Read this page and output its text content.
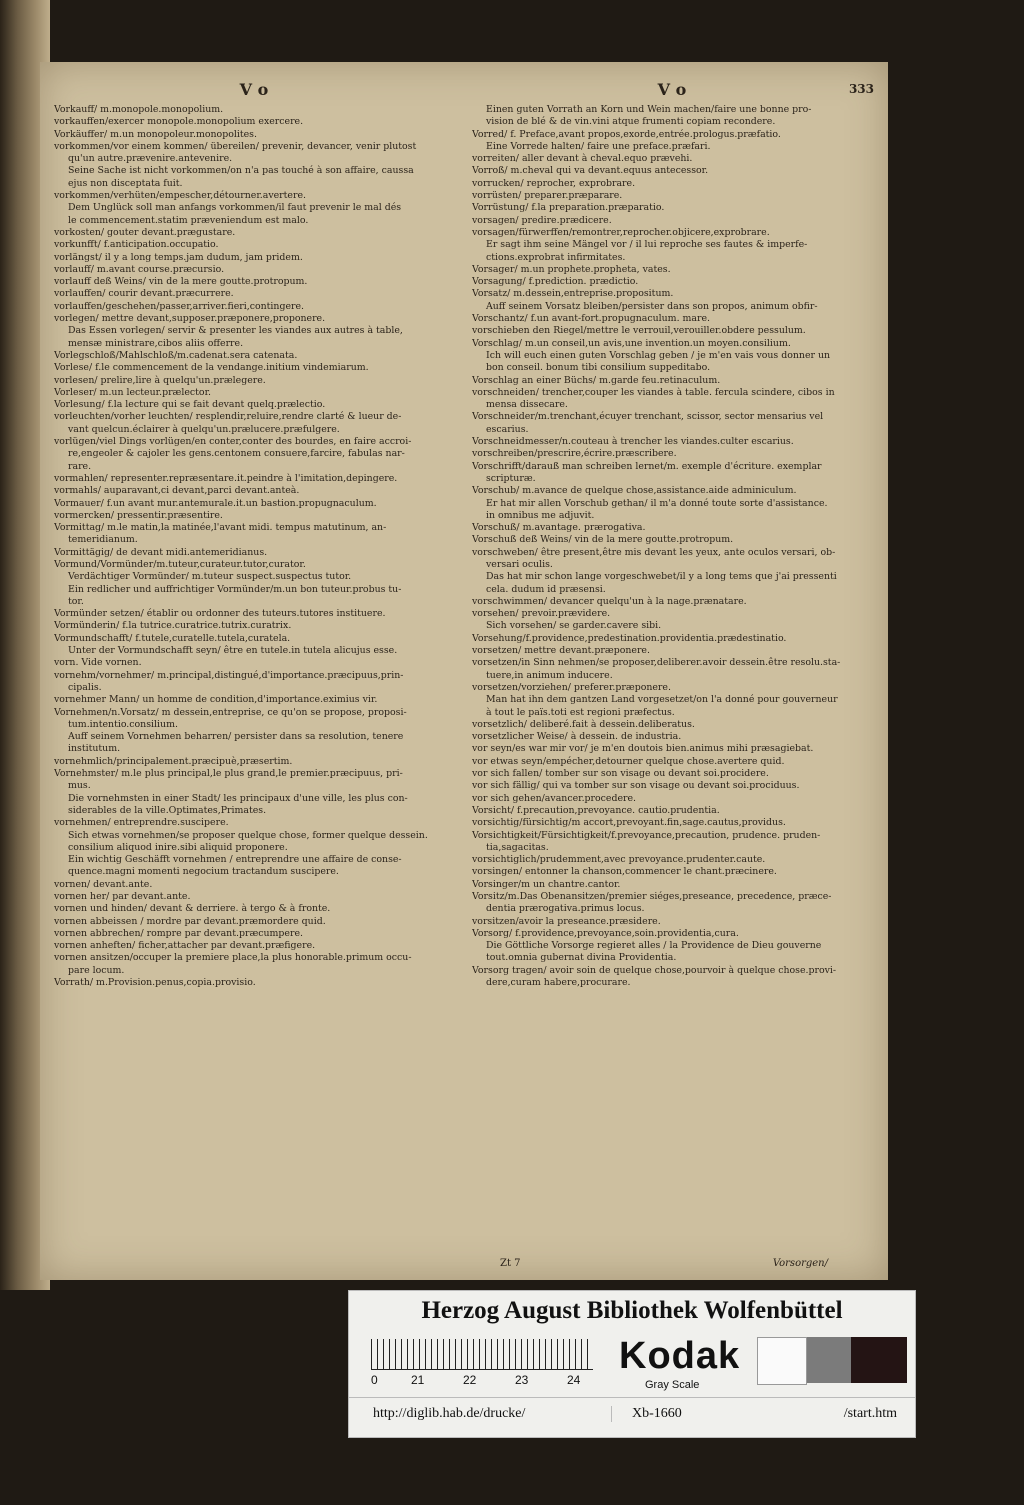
333
V o
Vorkauff/ m.monopole.monopolium.
vorkauffen/exercer monopole.monopolium exercere.
Vorkäuffer/ m.un monopoleur.monopolites.
vorkommen/vor einem kommen/ übereilen/ prevenir, devancer, venir plutost
qu'un autre.prævenire.antevenire.
Seine Sache ist nicht vorkommen/on n'a pas touché à son affaire, caussa
ejus non disceptata fuit.
vorkommen/verhüten/empescher,détourner.avertere.
Dem Unglück soll man anfangs vorkommen/il faut prevenir le mal dés
le commencement.statim præveniendum est malo.
vorkosten/ gouter devant.prægustare.
vorkunfft/ f.anticipation.occupatio.
vorlängst/ il y a long temps.jam dudum, jam pridem.
vorlauff/ m.avant course.præcursio.
vorlauff deß Weins/ vin de la mere goutte.protropum.
vorlauffen/ courir devant.præcurrere.
vorlauffen/geschehen/passer,arriver.fieri,contingere.
vorlegen/ mettre devant,supposer.præponere,proponere.
Das Essen vorlegen/ servir & presenter les viandes aux autres à table,
mensæ ministrare,cibos aliis offerre.
Vorlegschloß/Mahlschloß/m.cadenat.sera catenata.
Vorlese/ f.le commencement de la vendange.initium vindemiarum.
vorlesen/ prelire,lire à quelqu'un.prælegere.
Vorleser/ m.un lecteur.prælector.
Vorlesung/ f.la lecture qui se fait devant quelq.prælectio.
vorleuchten/vorher leuchten/ resplendir,reluire,rendre clarté & lueur de-
vant quelcun.éclairer à quelqu'un.prælucere.præfulgere.
vorlügen/viel Dings vorlügen/en conter,conter des bourdes, en faire accroi-
re,engeoler & cajoler les gens.centonem consuere,farcire, fabulas nar-
rare.
vormahlen/ representer.repræsentare.it.peindre à l'imitation,depingere.
vormahls/ auparavant,ci devant,parci devant.anteà.
Vormauer/ f.un avant mur.antemurale.it.un bastion.propugnaculum.
vormercken/ pressentir.præsentire.
Vormittag/ m.le matin,la matinée,l'avant midi. tempus matutinum, an-
temeridianum.
Vormittägig/ de devant midi.antemeridianus.
Vormund/Vormünder/m.tuteur,curateur.tutor,curator.
Verdächtiger Vormünder/ m.tuteur suspect.suspectus tutor.
Ein redlicher und auffrichtiger Vormünder/m.un bon tuteur.probus tu-
tor.
Vormünder setzen/ établir ou ordonner des tuteurs.tutores instituere.
Vormünderin/ f.la tutrice.curatrice.tutrix.curatrix.
Vormundschafft/ f.tutele,curatelle.tutela,curatela.
Unter der Vormundschafft seyn/ être en tutele.in tutela alicujus esse.
vorn. Vide vornen.
vornehm/vornehmer/ m.principal,distingué,d'importance.præcipuus,prin-
cipalis.
vornehmer Mann/ un homme de condition,d'importance.eximius vir.
Vornehmen/n.Vorsatz/ m dessein,entreprise, ce qu'on se propose, proposi-
tum.intentio.consilium.
Auff seinem Vornehmen beharren/ persister dans sa resolution, tenere
institutum.
vornehmlich/principalement.præcipuè,præsertim.
Vornehmster/ m.le plus principal,le plus grand,le premier.præcipuus, pri-
mus.
Die vornehmsten in einer Stadt/ les principaux d'une ville, les plus con-
siderables de la ville.Optimates,Primates.
vornehmen/ entreprendre.suscipere.
Sich etwas vornehmen/se proposer quelque chose, former quelque dessein.
consilium aliquod inire.sibi aliquid proponere.
Ein wichtig Geschäfft vornehmen / entreprendre une affaire de conse-
quence.magni momenti negocium tractandum suscipere.
vornen/ devant.ante.
vornen her/ par devant.ante.
vornen und hinden/ devant & derriere. à tergo & à fronte.
vornen abbeissen / mordre par devant.præmordere quid.
vornen abbrechen/ rompre par devant.præcumpere.
vornen anheften/ ficher,attacher par devant.præfigere.
vornen ansitzen/occuper la premiere place,la plus honorable.primum occu-
pare locum.
Vorrath/ m.Provision.penus,copia.provisio.
V o
Einen guten Vorrath an Korn und Wein machen/faire une bonne pro-
vision de blé & de vin.vini atque frumenti copiam recondere.
Vorred/ f. Preface,avant propos,exorde,entrée.prologus.præfatio.
Eine Vorrede halten/ faire une preface.præfari.
vorreiten/ aller devant à cheval.equo prævehi.
Vorroß/ m.cheval qui va devant.equus antecessor.
vorrucken/ reprocher, exprobrare.
vorrüsten/ preparer.præparare.
Vorrüstung/ f.la preparation.præparatio.
vorsagen/ predire.prædicere.
vorsagen/fürwerffen/remontrer,reprocher.objicere,exprobrare.
Er sagt ihm seine Mängel vor / il lui reproche ses fautes & imperfe-
ctions.exprobrat infirmitates.
Vorsager/ m.un prophete.propheta, vates.
Vorsagung/ f.prediction. prædictio.
Vorsatz/ m.dessein,entreprise.propositum.
Auff seinem Vorsatz bleiben/persister dans son propos, animum obfir-
Vorschantz/ f.un avant-fort.propugnaculum. mare.
vorschieben den Riegel/mettre le verrouil,verouiller.obdere pessulum.
Vorschlag/ m.un conseil,un avis,une invention.un moyen.consilium.
Ich will euch einen guten Vorschlag geben / je m'en vais vous donner un
bon conseil. bonum tibi consilium suppeditabo.
Vorschlag an einer Büchs/ m.garde feu.retinaculum.
vorschneiden/ trencher,couper les viandes à table. fercula scindere, cibos in
mensa dissecare.
Vorschneider/m.trenchant,écuyer trenchant, scissor, sector mensarius vel
escarius.
Vorschneidmesser/n.couteau à trencher les viandes.culter escarius.
vorschreiben/prescrire,écrire.præscribere.
Vorschrifft/darauß man schreiben lernet/m. exemple d'écriture. exemplar
scripturæ.
Vorschub/ m.avance de quelque chose,assistance.aide adminiculum.
Er hat mir allen Vorschub gethan/ il m'a donné toute sorte d'assistance.
in omnibus me adjuvit.
Vorschuß/ m.avantage. prærogativa.
Vorschuß deß Weins/ vin de la mere goutte.protropum.
vorschweben/ être present,être mis devant les yeux, ante oculos versari, ob-
versari oculis.
Das hat mir schon lange vorgeschwebet/il y a long tems que j'ai pressenti
cela. dudum id præsensi.
vorschwimmen/ devancer quelqu'un à la nage.prænatare.
vorsehen/ prevoir.prævidere.
Sich vorsehen/ se garder.cavere sibi.
Vorsehung/f.providence,predestination.providentia.prædestinatio.
vorsetzen/ mettre devant.præponere.
vorsetzen/in Sinn nehmen/se proposer,deliberer.avoir dessein.être resolu.sta-
tuere,in animum inducere.
vorsetzen/vorziehen/ preferer.præponere.
Man hat ihn dem gantzen Land vorgesetzet/on l'a donné pour gouverneur
à tout le païs.toti est regioni præfectus.
vorsetzlich/ deliberé.fait à dessein.deliberatus.
vorsetzlicher Weise/ à dessein. de industria.
vor seyn/es war mir vor/ je m'en doutois bien.animus mihi præsagiebat.
vor etwas seyn/empécher,detourner quelque chose.avertere quid.
vor sich fallen/ tomber sur son visage ou devant soi.procidere.
vor sich fällig/ qui va tomber sur son visage ou devant soi.prociduus.
vor sich gehen/avancer.procedere.
Vorsicht/ f.precaution,prevoyance. cautio.prudentia.
vorsichtig/fürsichtig/m accort,prevoyant.fin,sage.cautus,providus.
Vorsichtigkeit/Fürsichtigkeit/f.prevoyance,precaution, prudence. pruden-
tia,sagacitas.
vorsichtiglich/prudemment,avec prevoyance.prudenter.caute.
vorsingen/ entonner la chanson,commencer le chant.præcinere.
Vorsinger/m un chantre.cantor.
Vorsitz/m.Das Obenansitzen/premier siéges,preseance, precedence, præce-
dentia prærogativa.primus locus.
vorsitzen/avoir la preseance.præsidere.
Vorsorg/ f.providence,prevoyance,soin.providentia,cura.
Die Göttliche Vorsorge regieret alles / la Providence de Dieu gouverne
tout.omnia gubernat divina Providentia.
Vorsorg tragen/ avoir soin de quelque chose,pourvoir à quelque chose.provi-
dere,curam habere,procurare.
Zt 7	Vorsorgen/
Herzog August Bibliothek Wolfenbüttel
0	21	22	23	24
Kodak
Gray Scale
http://diglib.hab.de/drucke/	Xb-1660	/start.htm
